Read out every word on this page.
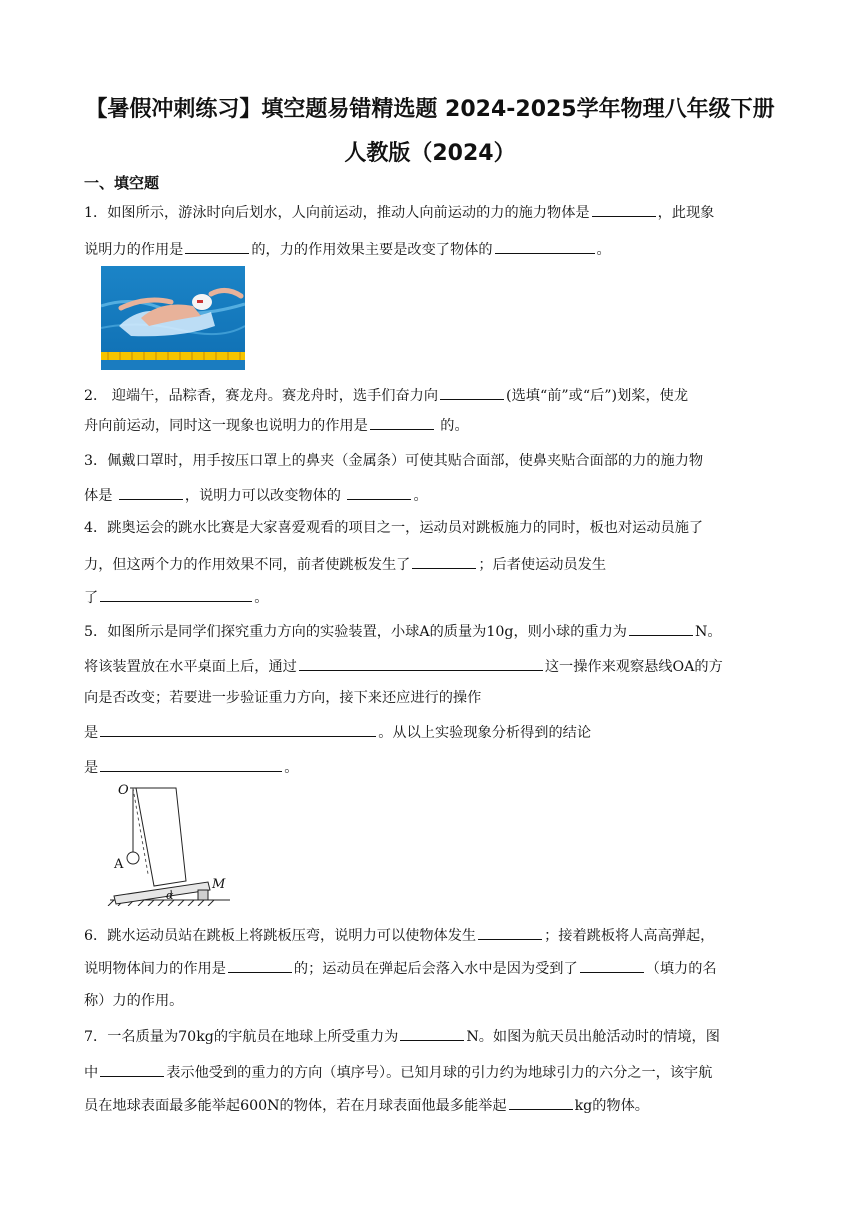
【暑假冲刺练习】填空题易错精选题 2024-2025学年物理八年级下册
人教版（2024）
一、填空题
1．如图所示，游泳时向后划水，人向前运动，推动人向前运动的力的施力物体是	，此现象
说明力的作用是	的，力的作用效果主要是改变了物体的	。
2． 迎端午，品粽香，赛龙舟。赛龙舟时，选手们奋力向	(选填“前”或“后”)划桨，使龙
舟向前运动，同时这一现象也说明力的作用是	的。
3．佩戴口罩时，用手按压口罩上的鼻夹（金属条）可使其贴合面部，使鼻夹贴合面部的力的施力物
体是	，说明力可以改变物体的	。
4．跳奥运会的跳水比赛是大家喜爱观看的项目之一，运动员对跳板施力的同时，板也对运动员施了
力，但这两个力的作用效果不同，前者使跳板发生了	；后者使运动员发生
了	。
5．如图所示是同学们探究重力方向的实验装置，小球A的质量为10g，则小球的重力为	N。
将该装置放在水平桌面上后，通过	这一操作来观察悬线OA的方
向是否改变；若要进一步验证重力方向，接下来还应进行的操作
是	。从以上实验现象分析得到的结论
是	。
O
A
M
α
6．跳水运动员站在跳板上将跳板压弯，说明力可以使物体发生	；接着跳板将人高高弹起，
说明物体间力的作用是	的；运动员在弹起后会落入水中是因为受到了	（填力的名
称）力的作用。
7．一名质量为70kg的宇航员在地球上所受重力为	N。如图为航天员出舱活动时的情境，图
中	表示他受到的重力的方向（填序号）。已知月球的引力约为地球引力的六分之一，该宇航
员在地球表面最多能举起600N的物体，若在月球表面他最多能举起	kg的物体。
